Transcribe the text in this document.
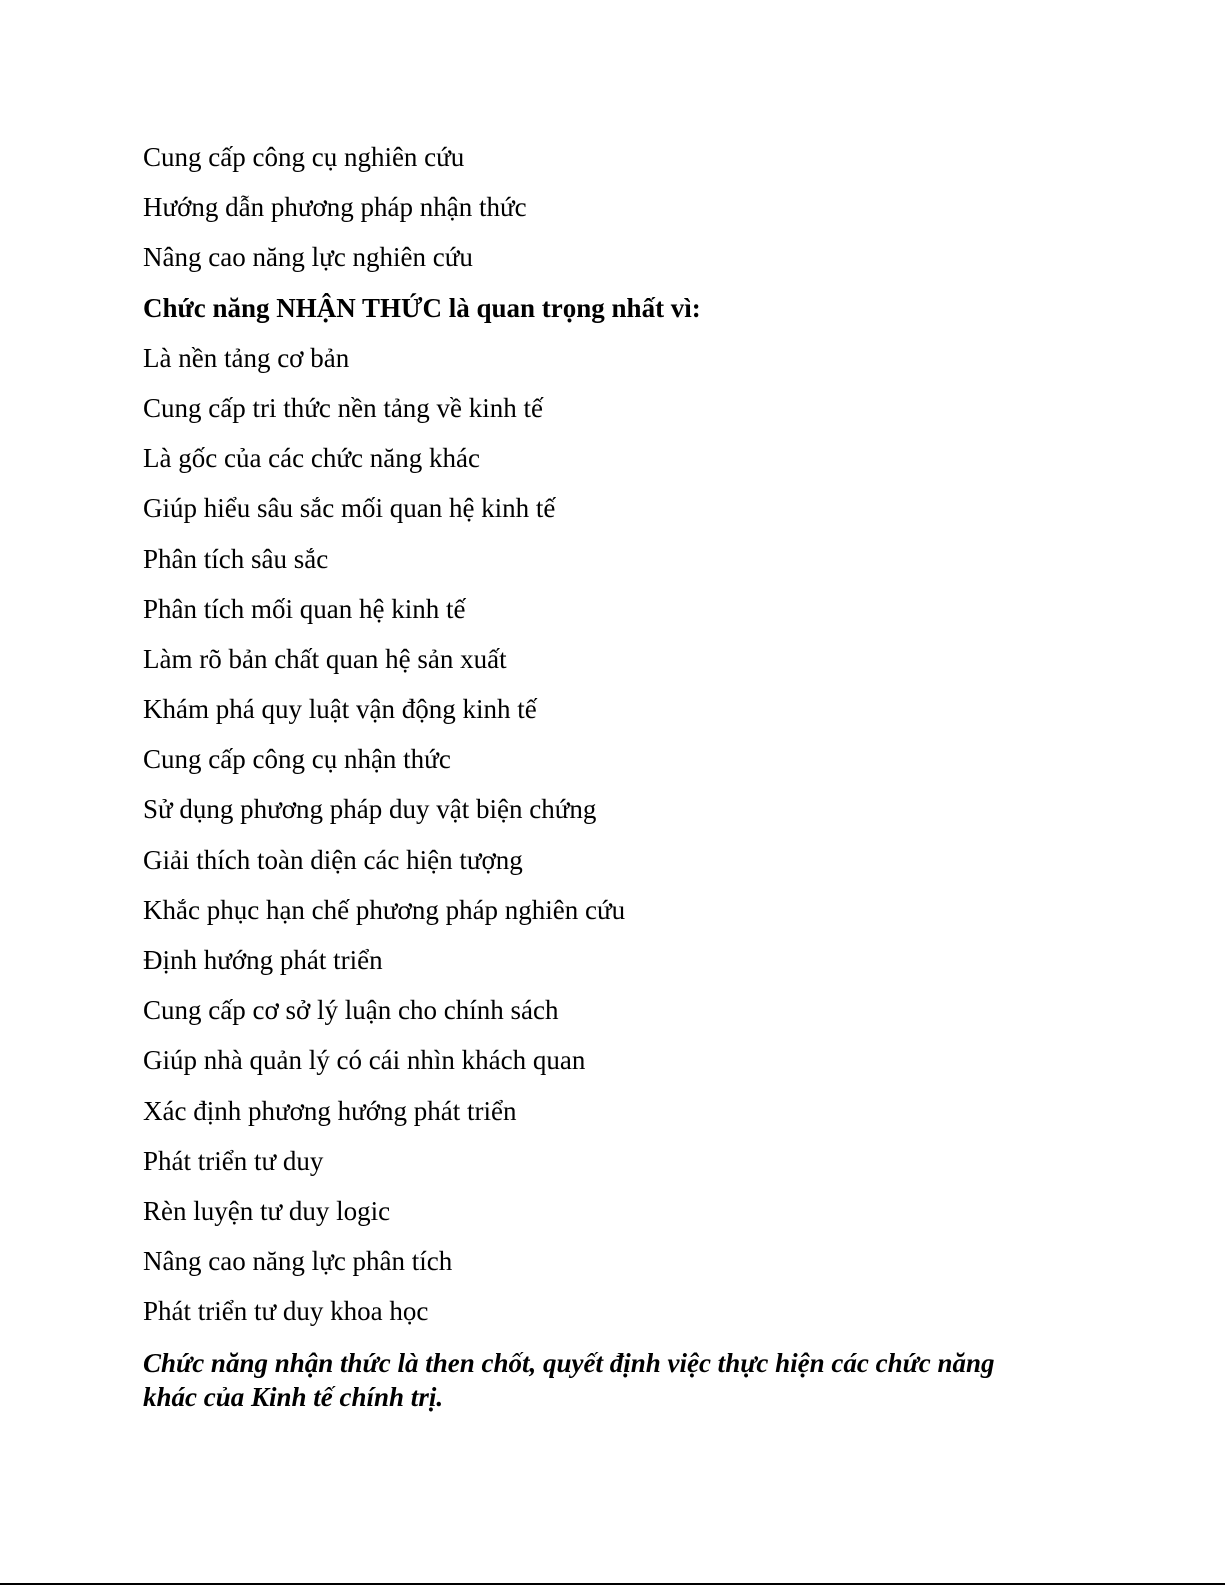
Cung cấp công cụ nghiên cứu
Hướng dẫn phương pháp nhận thức
Nâng cao năng lực nghiên cứu
Chức năng NHẬN THỨC là quan trọng nhất vì:
Là nền tảng cơ bản
Cung cấp tri thức nền tảng về kinh tế
Là gốc của các chức năng khác
Giúp hiểu sâu sắc mối quan hệ kinh tế
Phân tích sâu sắc
Phân tích mối quan hệ kinh tế
Làm rõ bản chất quan hệ sản xuất
Khám phá quy luật vận động kinh tế
Cung cấp công cụ nhận thức
Sử dụng phương pháp duy vật biện chứng
Giải thích toàn diện các hiện tượng
Khắc phục hạn chế phương pháp nghiên cứu
Định hướng phát triển
Cung cấp cơ sở lý luận cho chính sách
Giúp nhà quản lý có cái nhìn khách quan
Xác định phương hướng phát triển
Phát triển tư duy
Rèn luyện tư duy logic
Nâng cao năng lực phân tích
Phát triển tư duy khoa học
Chức năng nhận thức là then chốt, quyết định việc thực hiện các chức năng khác của Kinh tế chính trị.
